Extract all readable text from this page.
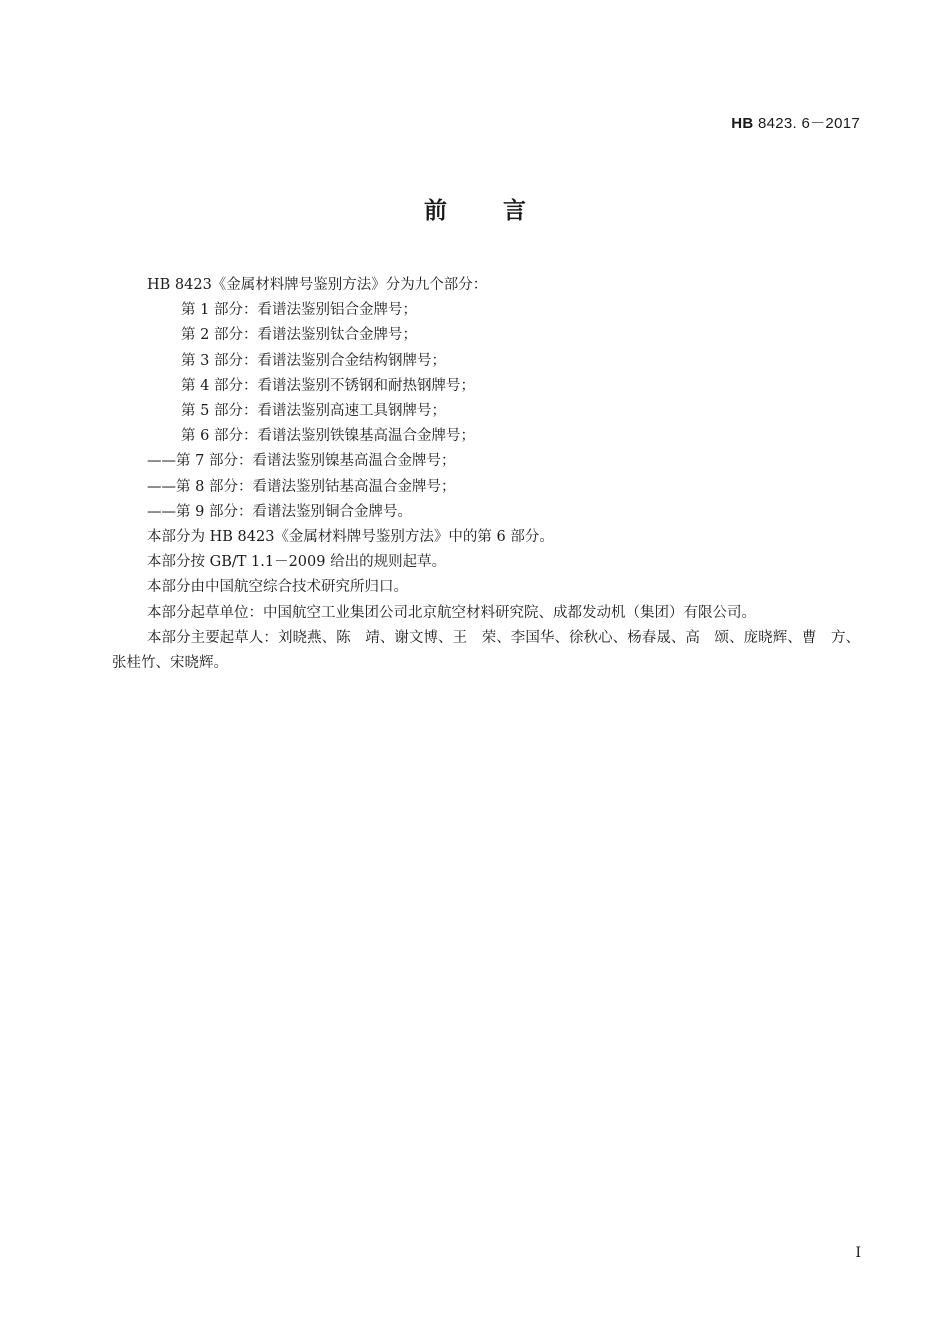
HB 8423. 6－2017
前言

HB 8423《金属材料牌号鉴别方法》分为九个部分：

第 1 部分：看谱法鉴别铝合金牌号；

第 2 部分：看谱法鉴别钛合金牌号；

第 3 部分：看谱法鉴别合金结构钢牌号；

第 4 部分：看谱法鉴别不锈钢和耐热钢牌号；

第 5 部分：看谱法鉴别高速工具钢牌号；

第 6 部分：看谱法鉴别铁镍基高温合金牌号；

——第 7 部分：看谱法鉴别镍基高温合金牌号；

——第 8 部分：看谱法鉴别钴基高温合金牌号；

——第 9 部分：看谱法鉴别铜合金牌号。

本部分为 HB 8423《金属材料牌号鉴别方法》中的第 6 部分。

本部分按 GB/T 1.1－2009 给出的规则起草。

本部分由中国航空综合技术研究所归口。

本部分起草单位：中国航空工业集团公司北京航空材料研究院、成都发动机（集团）有限公司。

本部分主要起草人：刘晓燕、陈　靖、谢文博、王　荣、李国华、徐秋心、杨春晟、高　颂、庞晓辉、曹　方、张桂竹、宋晓辉。

I
